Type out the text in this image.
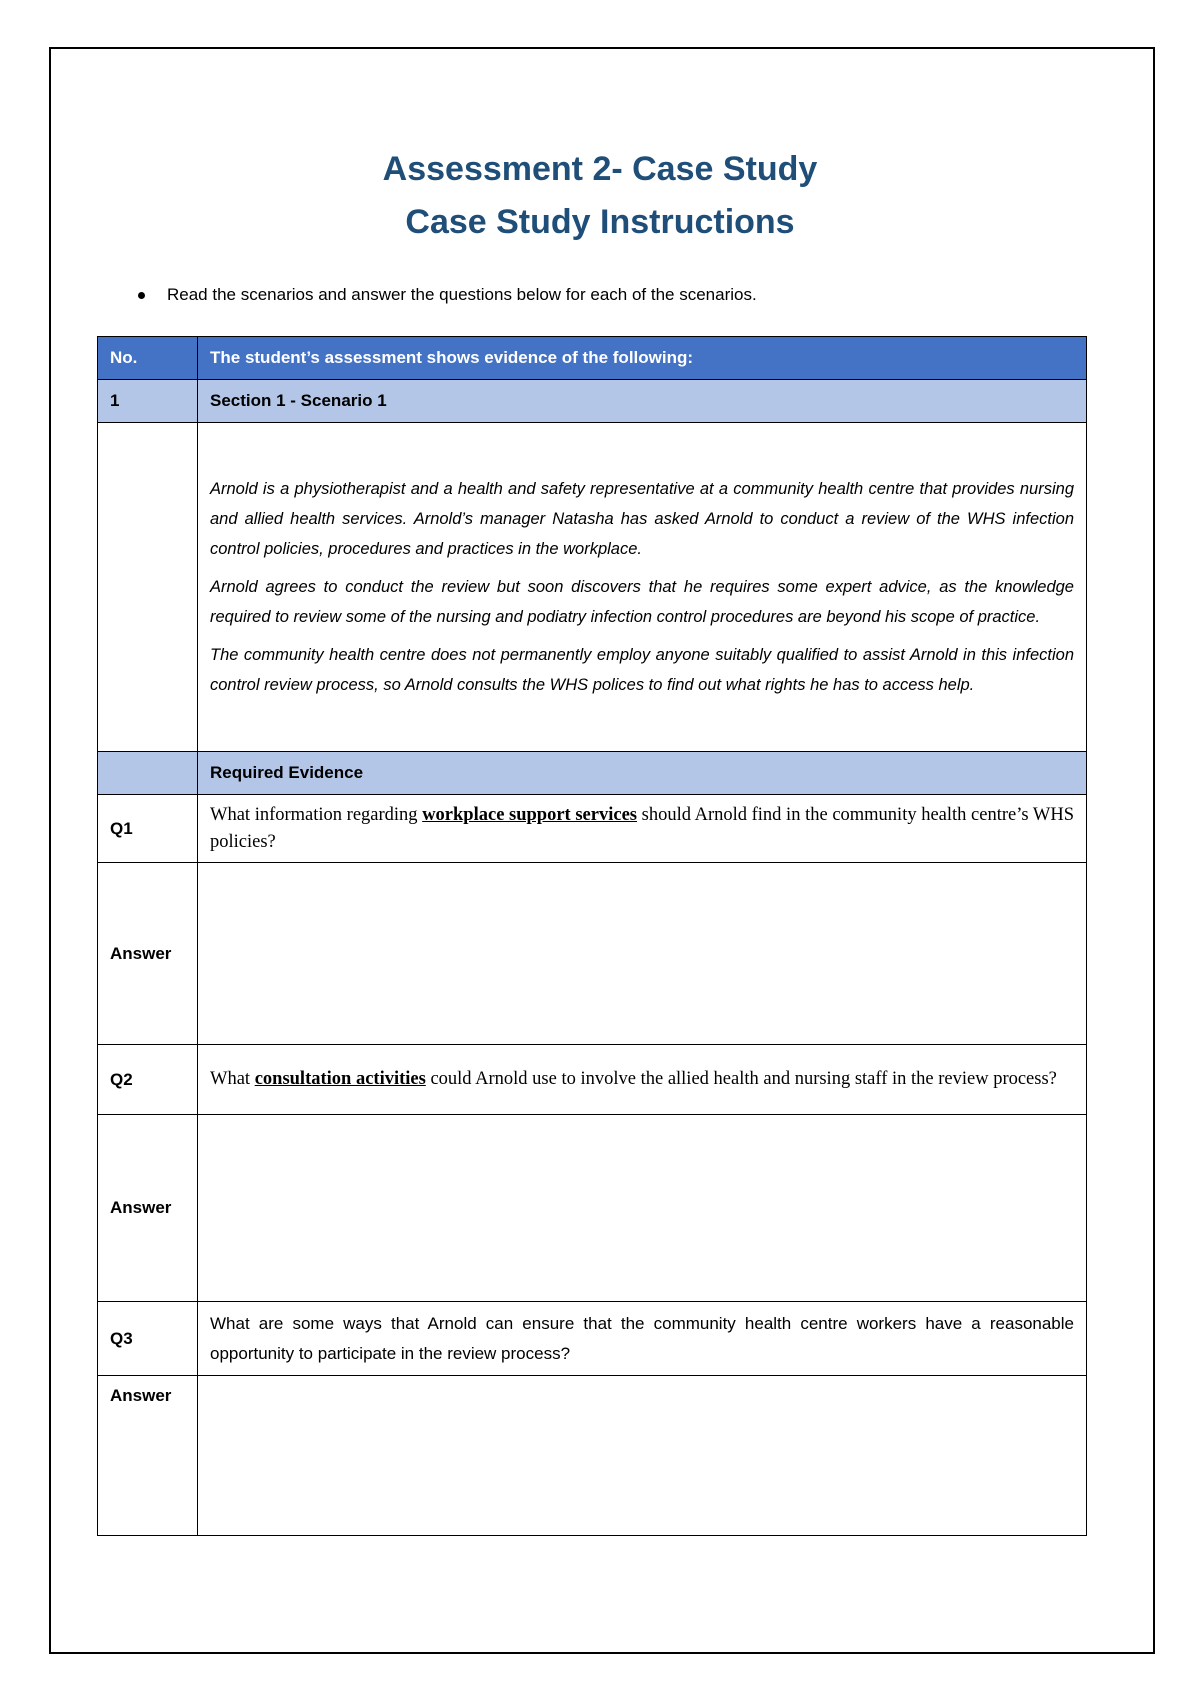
Assessment 2- Case Study
Case Study Instructions
Read the scenarios and answer the questions below for each of the scenarios.
No.	The student’s assessment shows evidence of the following:
1	Section 1 - Scenario 1

	Arnold is a physiotherapist and a health and safety representative at a community health centre that provides nursing and allied health services. Arnold’s manager Natasha has asked Arnold to conduct a review of the WHS infection control policies, procedures and practices in the workplace.

Arnold agrees to conduct the review but soon discovers that he requires some expert advice, as the knowledge required to review some of the nursing and podiatry infection control procedures are beyond his scope of practice.

The community health centre does not permanently employ anyone suitably qualified to assist Arnold in this infection control review process, so Arnold consults the WHS polices to find out what rights he has to access help.

	Required Evidence
Q1	What information regarding workplace support services should Arnold find in the community health centre’s WHS policies?
Answer	
Q2	What consultation activities could Arnold use to involve the allied health and nursing staff in the review process?
Answer	
Q3	What are some ways that Arnold can ensure that the community health centre workers have a reasonable opportunity to participate in the review process?
Answer	
